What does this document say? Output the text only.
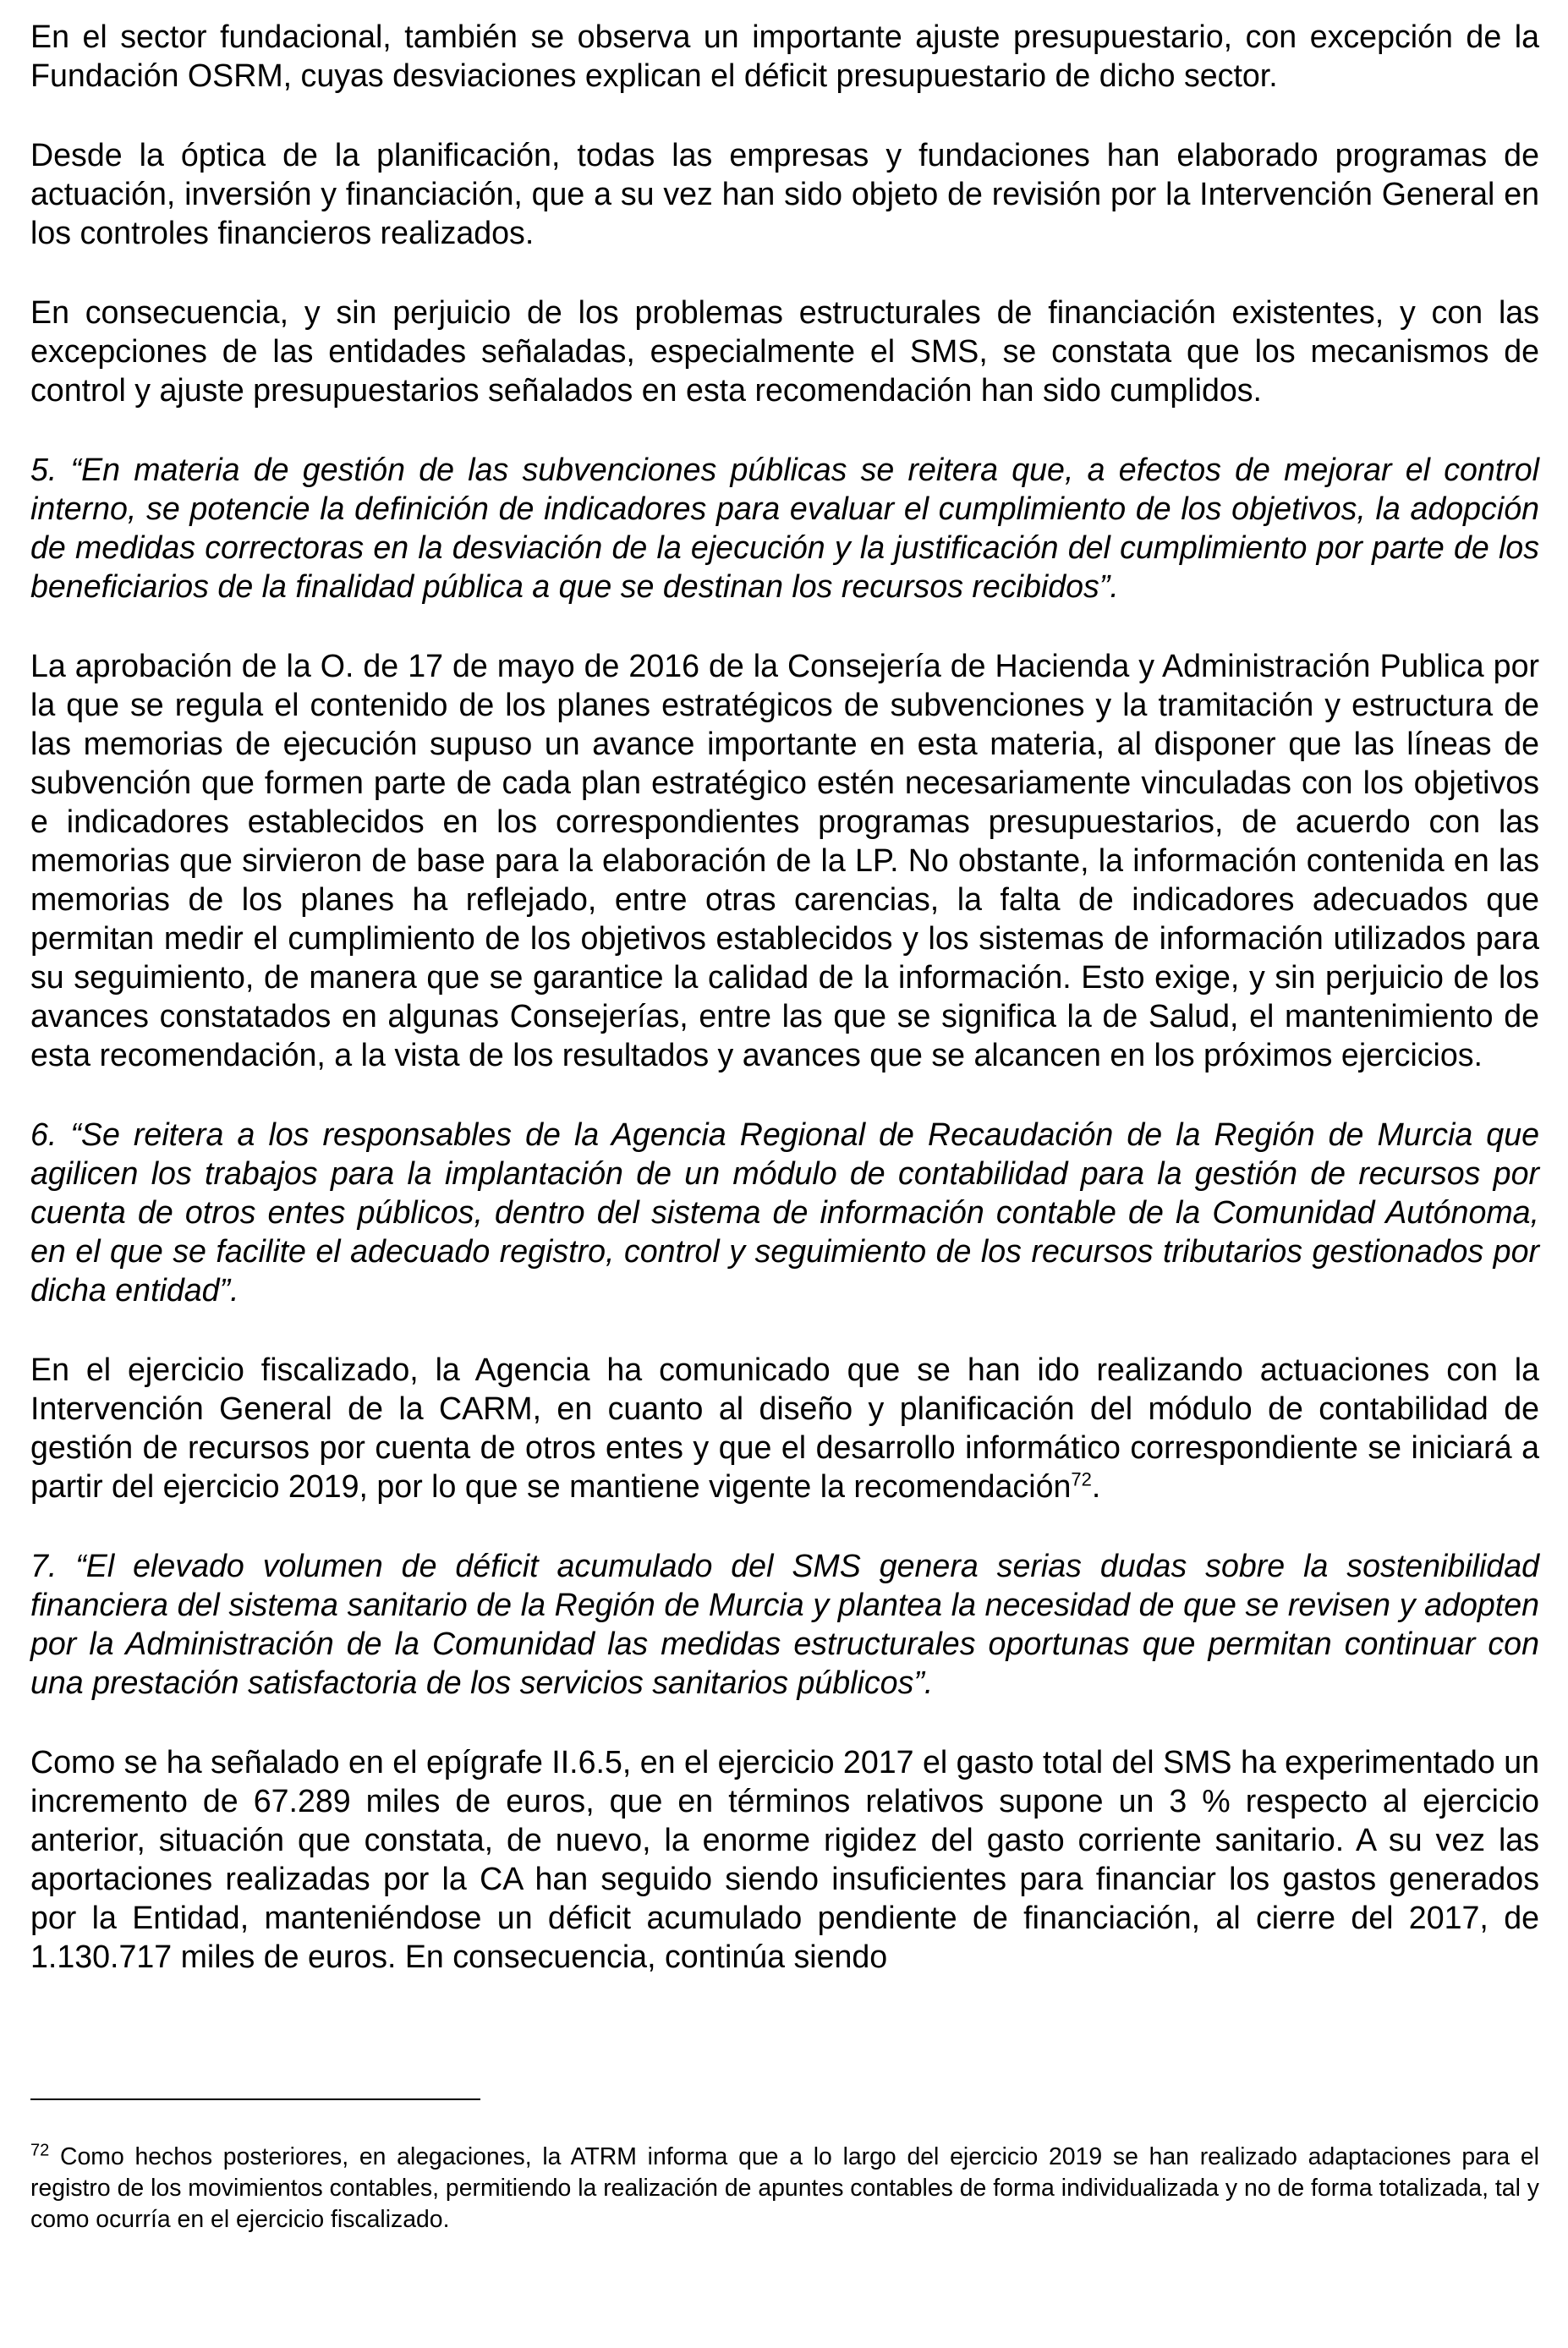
En el sector fundacional, también se observa un importante ajuste presupuestario, con excepción de la Fundación OSRM, cuyas desviaciones explican el déficit presupuestario de dicho sector.

Desde la óptica de la planificación, todas las empresas y fundaciones han elaborado programas de actuación, inversión y financiación, que a su vez han sido objeto de revisión por la Intervención General en los controles financieros realizados.

En consecuencia, y sin perjuicio de los problemas estructurales de financiación existentes, y con las excepciones de las entidades señaladas, especialmente el SMS, se constata que los mecanismos de control y ajuste presupuestarios señalados en esta recomendación han sido cumplidos.

5. “En materia de gestión de las subvenciones públicas se reitera que, a efectos de mejorar el control interno, se potencie la definición de indicadores para evaluar el cumplimiento de los objetivos, la adopción de medidas correctoras en la desviación de la ejecución y la justificación del cumplimiento por parte de los beneficiarios de la finalidad pública a que se destinan los recursos recibidos”.

La aprobación de la O. de 17 de mayo de 2016 de la Consejería de Hacienda y Administración Publica por la que se regula el contenido de los planes estratégicos de subvenciones y la tramitación y estructura de las memorias de ejecución supuso un avance importante en esta materia, al disponer que las líneas de subvención que formen parte de cada plan estratégico estén necesariamente vinculadas con los objetivos e indicadores establecidos en los correspondientes programas presupuestarios, de acuerdo con las memorias que sirvieron de base para la elaboración de la LP. No obstante, la información contenida en las memorias de los planes ha reflejado, entre otras carencias, la falta de indicadores adecuados que permitan medir el cumplimiento de los objetivos establecidos y los sistemas de información utilizados para su seguimiento, de manera que se garantice la calidad de la información. Esto exige, y sin perjuicio de los avances constatados en algunas Consejerías, entre las que se significa la de Salud, el mantenimiento de esta recomendación, a la vista de los resultados y avances que se alcancen en los próximos ejercicios.

6. “Se reitera a los responsables de la Agencia Regional de Recaudación de la Región de Murcia que agilicen los trabajos para la implantación de un módulo de contabilidad para la gestión de recursos por cuenta de otros entes públicos, dentro del sistema de información contable de la Comunidad Autónoma, en el que se facilite el adecuado registro, control y seguimiento de los recursos tributarios gestionados por dicha entidad”.

En el ejercicio fiscalizado, la Agencia ha comunicado que se han ido realizando actuaciones con la Intervención General de la CARM, en cuanto al diseño y planificación del módulo de contabilidad de gestión de recursos por cuenta de otros entes y que el desarrollo informático correspondiente se iniciará a partir del ejercicio 2019, por lo que se mantiene vigente la recomendación$^{72}$.

7. “El elevado volumen de déficit acumulado del SMS genera serias dudas sobre la sostenibilidad financiera del sistema sanitario de la Región de Murcia y plantea la necesidad de que se revisen y adopten por la Administración de la Comunidad las medidas estructurales oportunas que permitan continuar con una prestación satisfactoria de los servicios sanitarios públicos”.

Como se ha señalado en el epígrafe II.6.5, en el ejercicio 2017 el gasto total del SMS ha experimentado un incremento de 67.289 miles de euros, que en términos relativos supone un 3 % respecto al ejercicio anterior, situación que constata, de nuevo, la enorme rigidez del gasto corriente sanitario. A su vez las aportaciones realizadas por la CA han seguido siendo insuficientes para financiar los gastos generados por la Entidad, manteniéndose un déficit acumulado pendiente de financiación, al cierre del 2017, de 1.130.717 miles de euros. En consecuencia, continúa siendo

$^{72}$ Como hechos posteriores, en alegaciones, la ATRM informa que a lo largo del ejercicio 2019 se han realizado adaptaciones para el registro de los movimientos contables, permitiendo la realización de apuntes contables de forma individualizada y no de forma totalizada, tal y como ocurría en el ejercicio fiscalizado.
